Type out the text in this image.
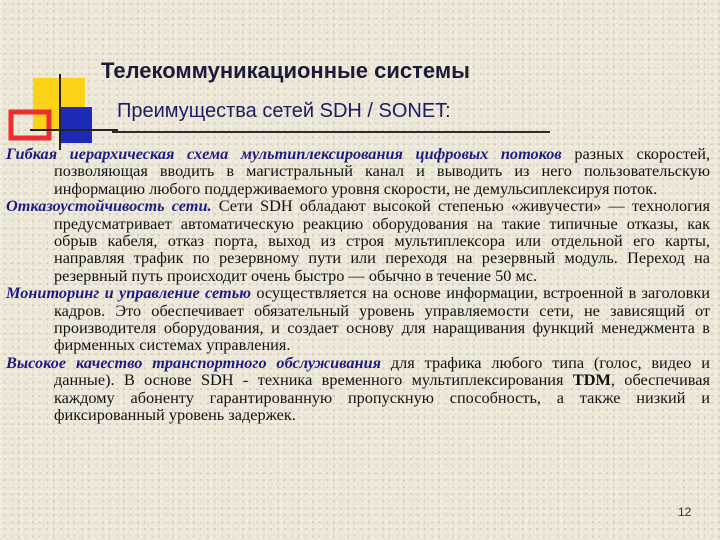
Телекоммуникационные системы
Преимущества сетей SDH / SONET:

Гибкая иерархическая схема мультиплексирования цифровых потоков разных скоростей, позволяющая вводить в магистральный канал и выводить из него пользовательскую информацию любого поддерживаемого уровня скорости, не демульсиплексируя поток.

Отказоустойчивость сети. Сети SDH обладают высокой степенью «живучести» — технология предусматривает автоматическую реакцию оборудования на такие типичные отказы, как обрыв кабеля, отказ порта, выход из строя мультиплексора или отдельной его карты, направляя трафик по резервному пути или переходя на резервный модуль. Переход на резервный путь происходит очень быстро — обычно в течение 50 мс.

Мониторинг и управление сетью осуществляется на основе информации, встроенной в заголовки кадров. Это обеспечивает обязательный уровень управляемости сети, не зависящий от производителя оборудования, и создает основу для наращивания функций менеджмента в фирменных системах управления.

Высокое качество транспортного обслуживания для трафика любого типа (голос, видео и данные). В основе SDH - техника временного мультиплексирования TDM, обеспечивая каждому абоненту гарантированную пропускную способность, а также низкий и фиксированный уровень задержек.

12
